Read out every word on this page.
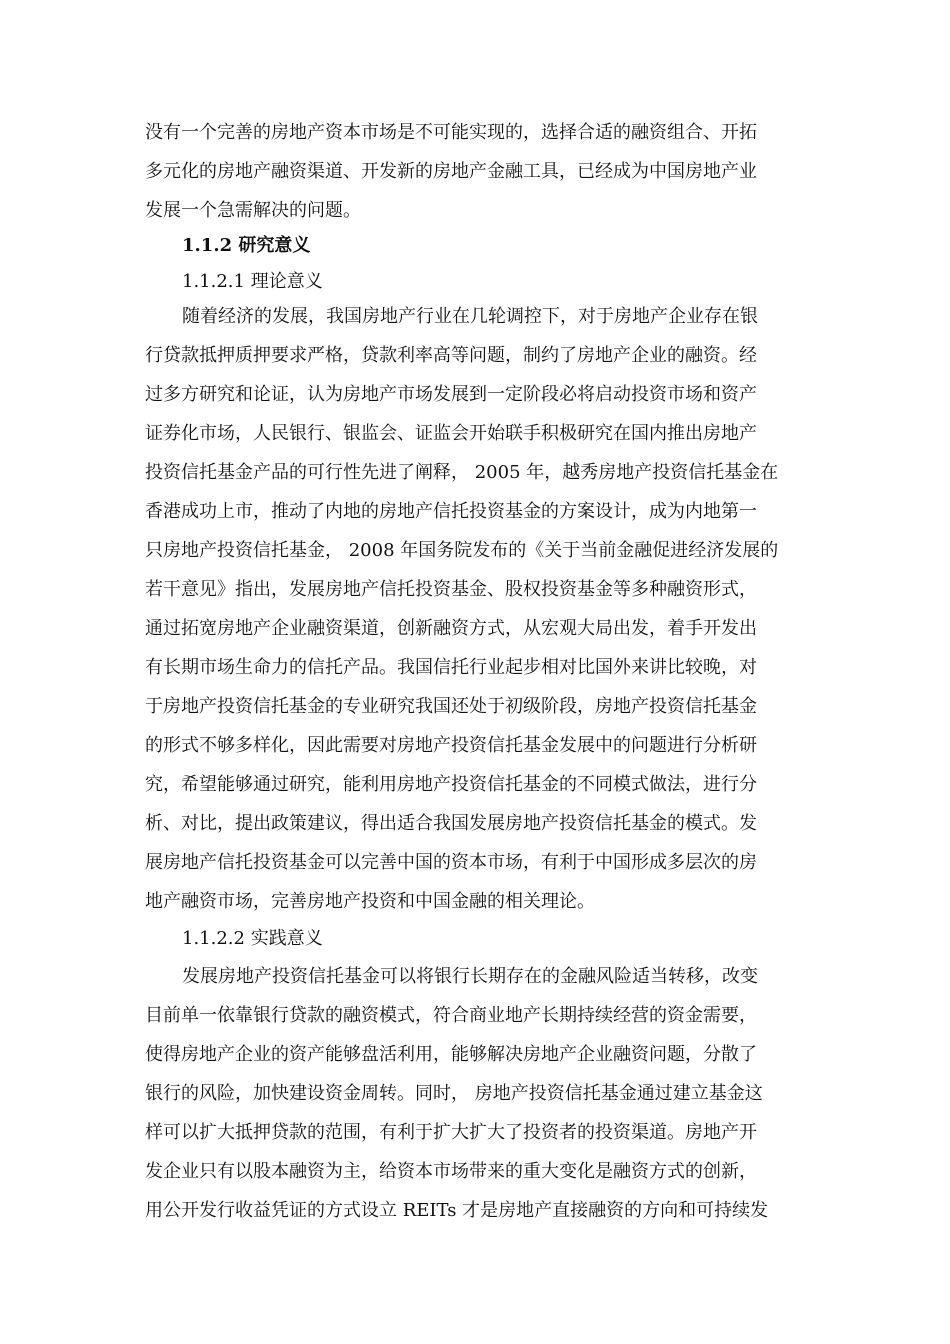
没有一个完善的房地产资本市场是不可能实现的，选择合适的融资组合、开拓

多元化的房地产融资渠道、开发新的房地产金融工具，已经成为中国房地产业

发展一个急需解决的问题。

1.1.2 研究意义

1.1.2.1 理论意义

随着经济的发展，我国房地产行业在几轮调控下，对于房地产企业存在银

行贷款抵押质押要求严格，贷款利率高等问题，制约了房地产企业的融资。经

过多方研究和论证，认为房地产市场发展到一定阶段必将启动投资市场和资产

证券化市场，人民银行、银监会、证监会开始联手积极研究在国内推出房地产

投资信托基金产品的可行性先进了阐释， 2005 年，越秀房地产投资信托基金在

香港成功上市，推动了内地的房地产信托投资基金的方案设计，成为内地第一

只房地产投资信托基金， 2008 年国务院发布的《关于当前金融促进经济发展的

若干意见》指出，发展房地产信托投资基金、股权投资基金等多种融资形式，

通过拓宽房地产企业融资渠道，创新融资方式，从宏观大局出发，着手开发出

有长期市场生命力的信托产品。我国信托行业起步相对比国外来讲比较晚，对

于房地产投资信托基金的专业研究我国还处于初级阶段，房地产投资信托基金

的形式不够多样化，因此需要对房地产投资信托基金发展中的问题进行分析研

究，希望能够通过研究，能利用房地产投资信托基金的不同模式做法，进行分

析、对比，提出政策建议，得出适合我国发展房地产投资信托基金的模式。发

展房地产信托投资基金可以完善中国的资本市场，有利于中国形成多层次的房

地产融资市场，完善房地产投资和中国金融的相关理论。

1.1.2.2 实践意义

发展房地产投资信托基金可以将银行长期存在的金融风险适当转移，改变

目前单一依靠银行贷款的融资模式，符合商业地产长期持续经营的资金需要，

使得房地产企业的资产能够盘活利用，能够解决房地产企业融资问题，分散了

银行的风险，加快建设资金周转。同时， 房地产投资信托基金通过建立基金这

样可以扩大抵押贷款的范围，有利于扩大扩大了投资者的投资渠道。房地产开

发企业只有以股本融资为主，给资本市场带来的重大变化是融资方式的创新，

用公开发行收益凭证的方式设立 REITs 才是房地产直接融资的方向和可持续发
